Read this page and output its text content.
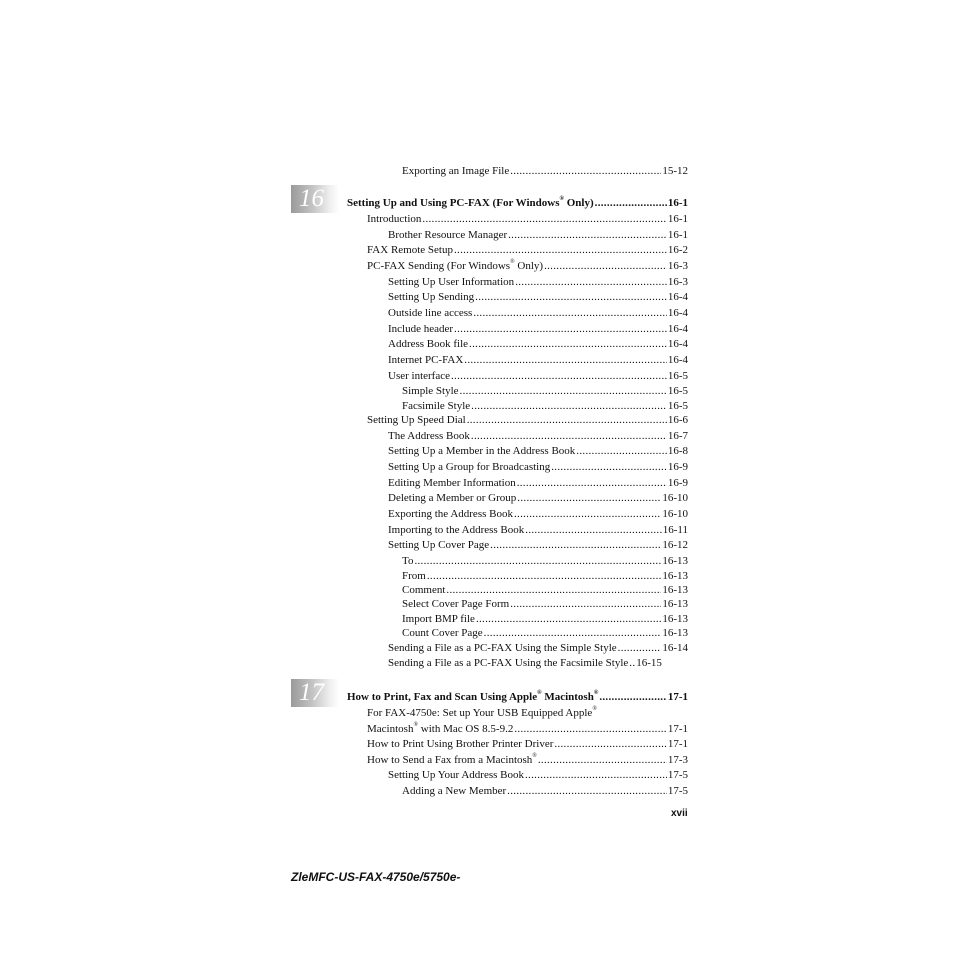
Exporting an Image File .....	15-12
16	Setting Up and Using PC-FAX (For Windows® Only) .....	16-1
Introduction .....	16-1
Brother Resource Manager .....	16-1
FAX Remote Setup .....	16-2
PC-FAX Sending (For Windows® Only) .....	16-3
Setting Up User Information .....	16-3
Setting Up Sending .....	16-4
Outside line access .....	16-4
Include header .....	16-4
Address Book file .....	16-4
Internet PC-FAX .....	16-4
User interface .....	16-5
Simple Style .....	16-5
Facsimile Style .....	16-5
Setting Up Speed Dial .....	16-6
The Address Book .....	16-7
Setting Up a Member in the Address Book .....	16-8
Setting Up a Group for Broadcasting .....	16-9
Editing Member Information .....	16-9
Deleting a Member or Group .....	16-10
Exporting the Address Book .....	16-10
Importing to the Address Book .....	16-11
Setting Up Cover Page .....	16-12
To .....	16-13
From .....	16-13
Comment .....	16-13
Select Cover Page Form .....	16-13
Import BMP file .....	16-13
Count Cover Page .....	16-13
Sending a File as a PC-FAX Using the Simple Style .....	16-14
Sending a File as a PC-FAX Using the Facsimile Style ..... 16-15
17	How to Print, Fax and Scan Using Apple® Macintosh® .....	17-1
For FAX-4750e: Set up Your USB Equipped Apple®
Macintosh® with Mac OS 8.5-9.2 .....	17-1
How to Print Using Brother Printer Driver .....	17-1
How to Send a Fax from a Macintosh® .....	17-3
Setting Up Your Address Book .....	17-5
Adding a New Member .....	17-5
xvii
ZleMFC-US-FAX-4750e/5750e-
